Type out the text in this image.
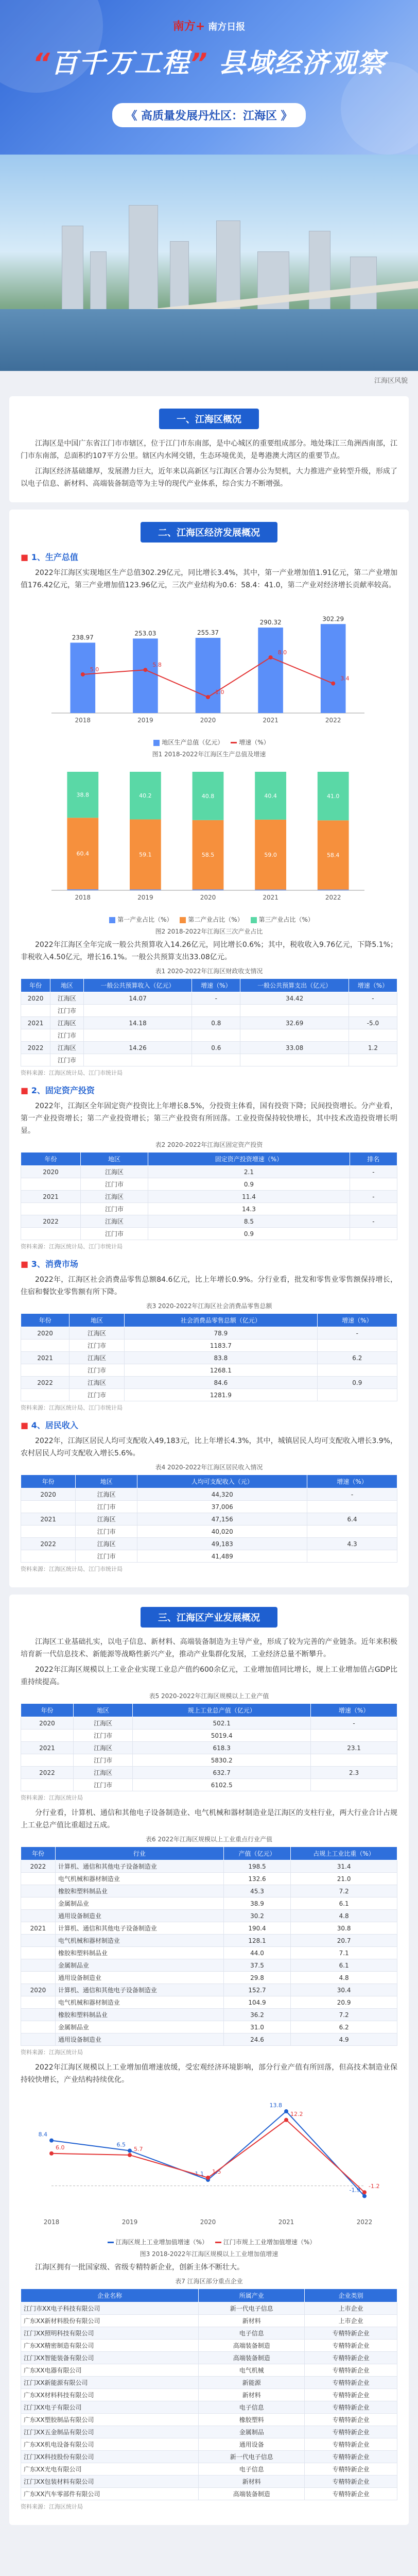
南方+ 南方日报
“百千万工程” 县域经济观察
《 高质量发展丹灶区：江海区 》
江海区风貌
一、江海区概况

江海区是中国广东省江门市市辖区，位于江门市东南部，是中心城区的重要组成部分。地处珠江三角洲西南部，江门市东南部，总面积约107平方公里。辖区内水网交错，生态环境优美，是粤港澳大湾区的重要节点。

江海区经济基础雄厚，发展潜力巨大，近年来以高新区与江海区合署办公为契机，大力推进产业转型升级，形成了以电子信息、新材料、高端装备制造等为主导的现代产业体系，综合实力不断增强。

二、江海区经济发展概况
■ 1、生产总值

2022年江海区实现地区生产总值302.29亿元，同比增长3.4%，其中，第一产业增加值1.91亿元，第二产业增加值176.42亿元，第三产业增加值123.96亿元，三次产业结构为0.6：58.4：41.0，第二产业对经济增长贡献率较高。

238.97
2018
253.03
2019
255.37
2020
290.32
2021
302.29
2022
5.0
5.8
1.0
8.0
3.4
地区生产总值（亿元） 增速（%）
图1 2018-2022年江海区生产总值及增速
60.4
38.8
2018
59.1
40.2
2019
58.5
40.8
2020
59.0
40.4
2021
58.4
41.0
2022
第一产业占比（%） 第二产业占比（%） 第三产业占比（%）
图2 2018-2022年江海区三次产业占比

2022年江海区全年完成一般公共预算收入14.26亿元，同比增长0.6%；其中，税收收入9.76亿元，下降5.1%；非税收入4.50亿元，增长16.1%。一般公共预算支出33.08亿元。

表1 2020-2022年江海区财政收支情况
年份	地区	一般公共预算收入（亿元）	增速（%）	一般公共预算支出（亿元）	增速（%）
2020	江海区	14.07	-	34.42	-
	江门市				
2021	江海区	14.18	0.8	32.69	-5.0
	江门市				
2022	江海区	14.26	0.6	33.08	1.2
	江门市				
资料来源：江海区统计局、江门市统计局
■ 2、固定资产投资

2022年，江海区全年固定资产投资比上年增长8.5%，分投资主体看，国有投资下降；民间投资增长。分产业看，第一产业投资增长；第二产业投资增长；第三产业投资有所回落。工业投资保持较快增长，其中技术改造投资增长明显。

表2 2020-2022年江海区固定资产投资
年份	地区	固定资产投资增速（%）	排名
2020	江海区	2.1	-
	江门市	0.9	
2021	江海区	11.4	-
	江门市	14.3	
2022	江海区	8.5	-
	江门市	0.9	
资料来源：江海区统计局、江门市统计局
■ 3、消费市场

2022年，江海区社会消费品零售总额84.6亿元，比上年增长0.9%。分行业看，批发和零售业零售额保持增长，住宿和餐饮业零售额有所下降。

表3 2020-2022年江海区社会消费品零售总额
年份	地区	社会消费品零售总额（亿元）	增速（%）
2020	江海区	78.9	-
	江门市	1183.7	
2021	江海区	83.8	6.2
	江门市	1268.1	
2022	江海区	84.6	0.9
	江门市	1281.9	
资料来源：江海区统计局、江门市统计局
■ 4、居民收入

2022年，江海区居民人均可支配收入49,183元，比上年增长4.3%，其中，城镇居民人均可支配收入增长3.9%，农村居民人均可支配收入增长5.6%。

表4 2020-2022年江海区居民收入情况
年份	地区	人均可支配收入（元）	增速（%）
2020	江海区	44,320	-
	江门市	37,006	
2021	江海区	47,156	6.4
	江门市	40,020	
2022	江海区	49,183	4.3
	江门市	41,489	
资料来源：江海区统计局、江门市统计局
三、江海区产业发展概况

江海区工业基础扎实，以电子信息、新材料、高端装备制造为主导产业，形成了较为完善的产业链条。近年来积极培育新一代信息技术、新能源等战略性新兴产业，推动产业集群化发展，工业经济总量不断攀升。

2022年江海区规模以上工业企业实现工业总产值约600余亿元，工业增加值同比增长，规上工业增加值占GDP比重持续提高。

表5 2020-2022年江海区规模以上工业产值
年份	地区	规上工业总产值（亿元）	增速（%）
2020	江海区	502.1	-
	江门市	5019.4	
2021	江海区	618.3	23.1
	江门市	5830.2	
2022	江海区	632.7	2.3
	江门市	6102.5	
资料来源：江海区统计局

分行业看，计算机、通信和其他电子设备制造业、电气机械和器材制造业是江海区的支柱行业，两大行业合计占规上工业总产值比重超过五成。

表6 2022年江海区规模以上工业重点行业产值
年份	行业	产值（亿元）	占规上工业比重（%）
2022	计算机、通信和其他电子设备制造业	198.5	31.4
	电气机械和器材制造业	132.6	21.0
	橡胶和塑料制品业	45.3	7.2
	金属制品业	38.9	6.1
	通用设备制造业	30.2	4.8
2021	计算机、通信和其他电子设备制造业	190.4	30.8
	电气机械和器材制造业	128.1	20.7
	橡胶和塑料制品业	44.0	7.1
	金属制品业	37.5	6.1
	通用设备制造业	29.8	4.8
2020	计算机、通信和其他电子设备制造业	152.7	30.4
	电气机械和器材制造业	104.9	20.9
	橡胶和塑料制品业	36.2	7.2
	金属制品业	31.0	6.2
	通用设备制造业	24.6	4.9
资料来源：江海区统计局

2022年江海区规模以上工业增加值增速放缓，受宏观经济环境影响，部分行业产值有所回落，但高技术制造业保持较快增长，产业结构持续优化。

8.4
6.5
1.1
13.8
-1.9
6.0	5.7
1.5
12.2
-1.2
2018	2019	2020	2021	2022
江海区规上工业增加值增速（%） 江门市规上工业增加值增速（%）
图3 2018-2022年江海区规模以上工业增加值增速

江海区拥有一批国家级、省级专精特新企业，创新主体不断壮大。

表7 江海区部分重点企业
企业名称	所属产业	企业类别
江门市XX电子科技有限公司	新一代电子信息	上市企业
广东XX新材料股份有限公司	新材料	上市企业
江门XX照明科技有限公司	电子信息	专精特新企业
广东XX精密制造有限公司	高端装备制造	专精特新企业
江门XX智能装备有限公司	高端装备制造	专精特新企业
广东XX电器有限公司	电气机械	专精特新企业
江门XX新能源有限公司	新能源	专精特新企业
广东XX材料科技有限公司	新材料	专精特新企业
江门XX电子有限公司	电子信息	专精特新企业
广东XX塑胶制品有限公司	橡胶塑料	专精特新企业
江门XX五金制品有限公司	金属制品	专精特新企业
广东XX机电设备有限公司	通用设备	专精特新企业
江门XX科技股份有限公司	新一代电子信息	专精特新企业
广东XX光电有限公司	电子信息	专精特新企业
江门XX包装材料有限公司	新材料	专精特新企业
广东XX汽车零部件有限公司	高端装备制造	专精特新企业
资料来源：江海区统计局
